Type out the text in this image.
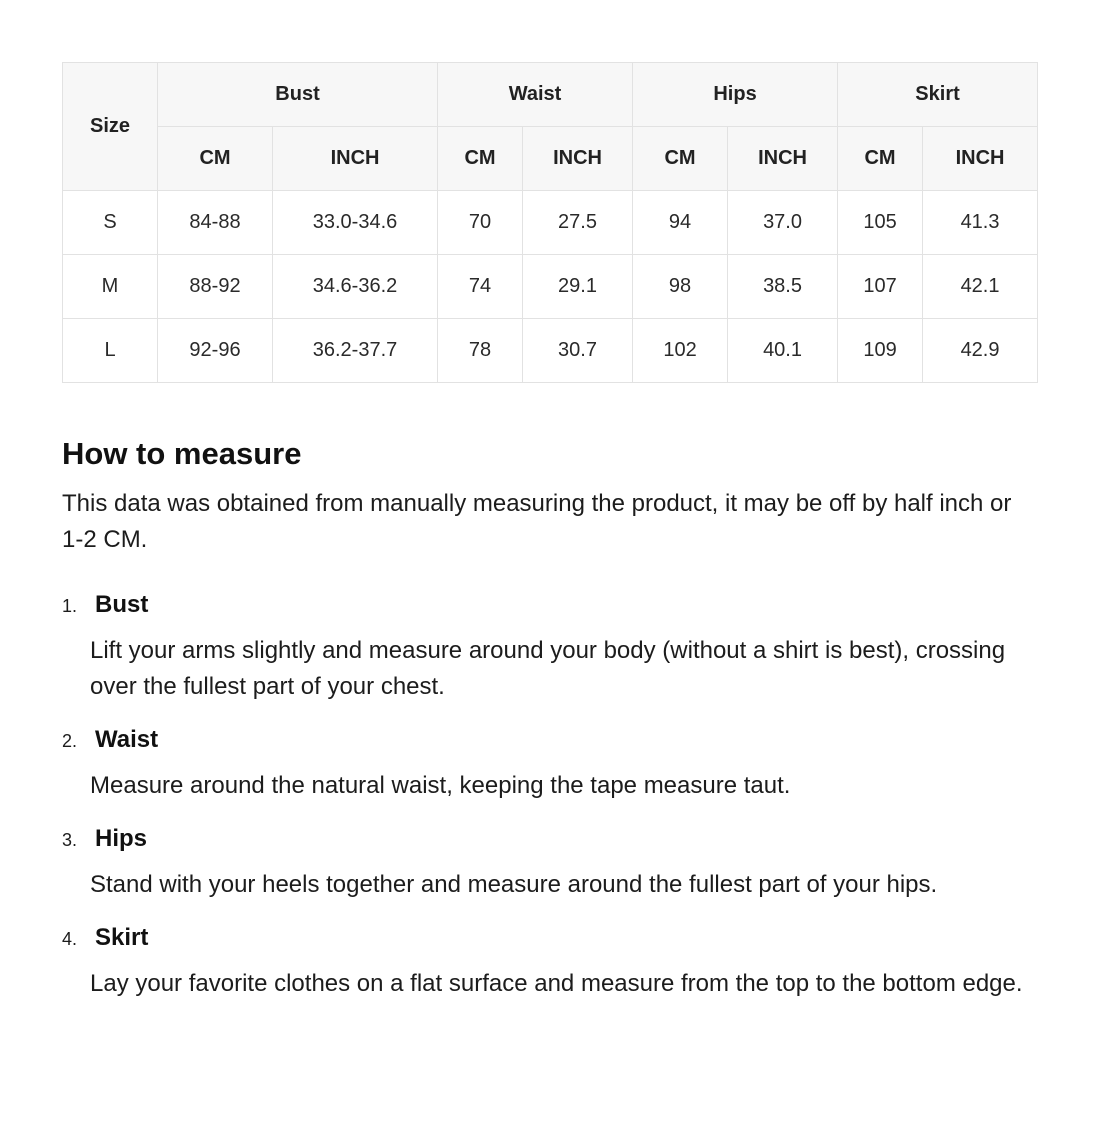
Size	Bust		Waist		Hips		Skirt	
	CM	INCH	CM	INCH	CM	INCH	CM	INCH
S	84-88	33.0-34.6	70	27.5	94	37.0	105	41.3
M	88-92	34.6-36.2	74	29.1	98	38.5	107	42.1
L	92-96	36.2-37.7	78	30.7	102	40.1	109	42.9
How to measure

This data was obtained from manually measuring the product, it may be off by half inch or 1-2 CM.

1. Bust

Lift your arms slightly and measure around your body (without a shirt is best), crossing over the fullest part of your chest.

2. Waist

Measure around the natural waist, keeping the tape measure taut.

3. Hips

Stand with your heels together and measure around the fullest part of your hips.

4. Skirt

Lay your favorite clothes on a flat surface and measure from the top to the bottom edge.
